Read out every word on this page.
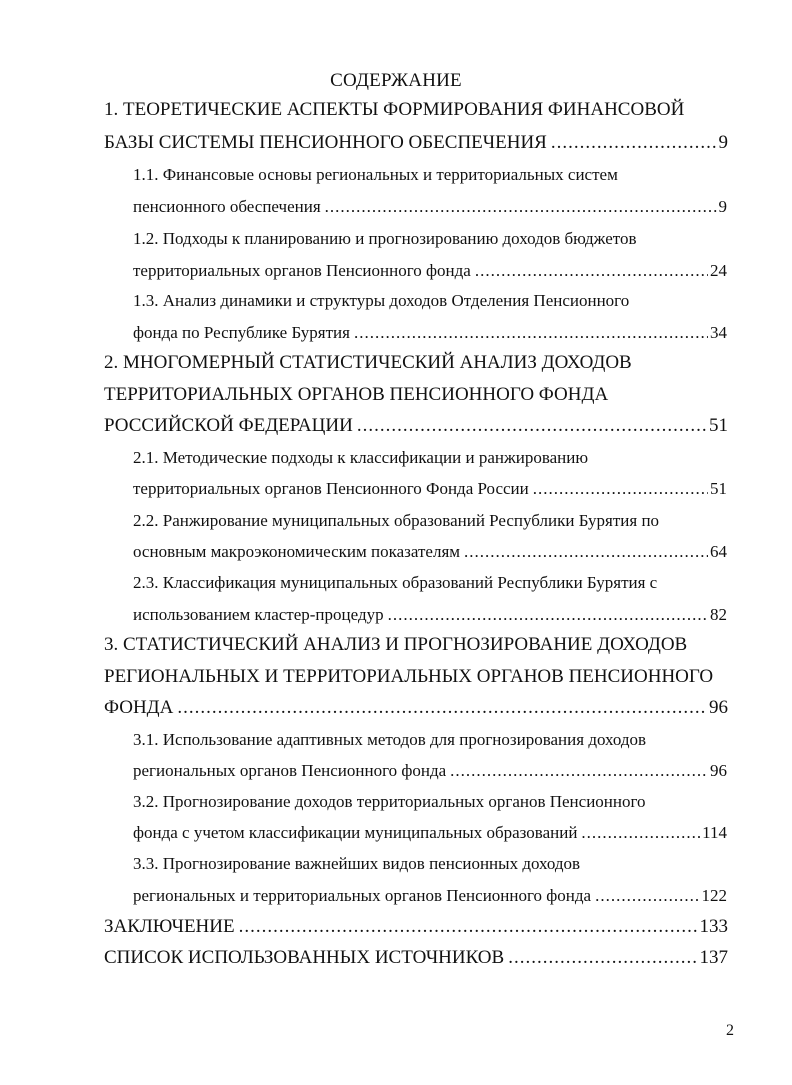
СОДЕРЖАНИЕ
1. ТЕОРЕТИЧЕСКИЕ АСПЕКТЫ ФОРМИРОВАНИЯ ФИНАНСОВОЙ
БАЗЫ СИСТЕМЫ ПЕНСИОННОГО ОБЕСПЕЧЕНИЯ .....	9
1.1. Финансовые основы региональных и территориальных систем
пенсионного обеспечения .....	9
1.2. Подходы к планированию и прогнозированию доходов бюджетов
территориальных органов Пенсионного фонда .....	24
1.3. Анализ динамики и структуры доходов Отделения Пенсионного
фонда по Республике Бурятия .....	34
2. МНОГОМЕРНЫЙ СТАТИСТИЧЕСКИЙ АНАЛИЗ ДОХОДОВ
ТЕРРИТОРИАЛЬНЫХ ОРГАНОВ ПЕНСИОННОГО ФОНДА
РОССИЙСКОЙ ФЕДЕРАЦИИ .....	51
2.1. Методические подходы к классификации и ранжированию
территориальных органов Пенсионного Фонда России .....	51
2.2. Ранжирование муниципальных образований Республики Бурятия по
основным макроэкономическим показателям .....	64
2.3. Классификация муниципальных образований Республики Бурятия с
использованием кластер-процедур .....	82
3. СТАТИСТИЧЕСКИЙ АНАЛИЗ И ПРОГНОЗИРОВАНИЕ ДОХОДОВ
РЕГИОНАЛЬНЫХ И ТЕРРИТОРИАЛЬНЫХ ОРГАНОВ ПЕНСИОННОГО
ФОНДА .....	96
3.1. Использование адаптивных методов для прогнозирования доходов
региональных органов Пенсионного фонда .....	96
3.2. Прогнозирование доходов территориальных органов Пенсионного
фонда с учетом классификации муниципальных образований .....	114
3.3. Прогнозирование важнейших видов пенсионных доходов
региональных и территориальных органов Пенсионного фонда .....	122
ЗАКЛЮЧЕНИЕ .....	133
СПИСОК ИСПОЛЬЗОВАННЫХ ИСТОЧНИКОВ .....	137
2
